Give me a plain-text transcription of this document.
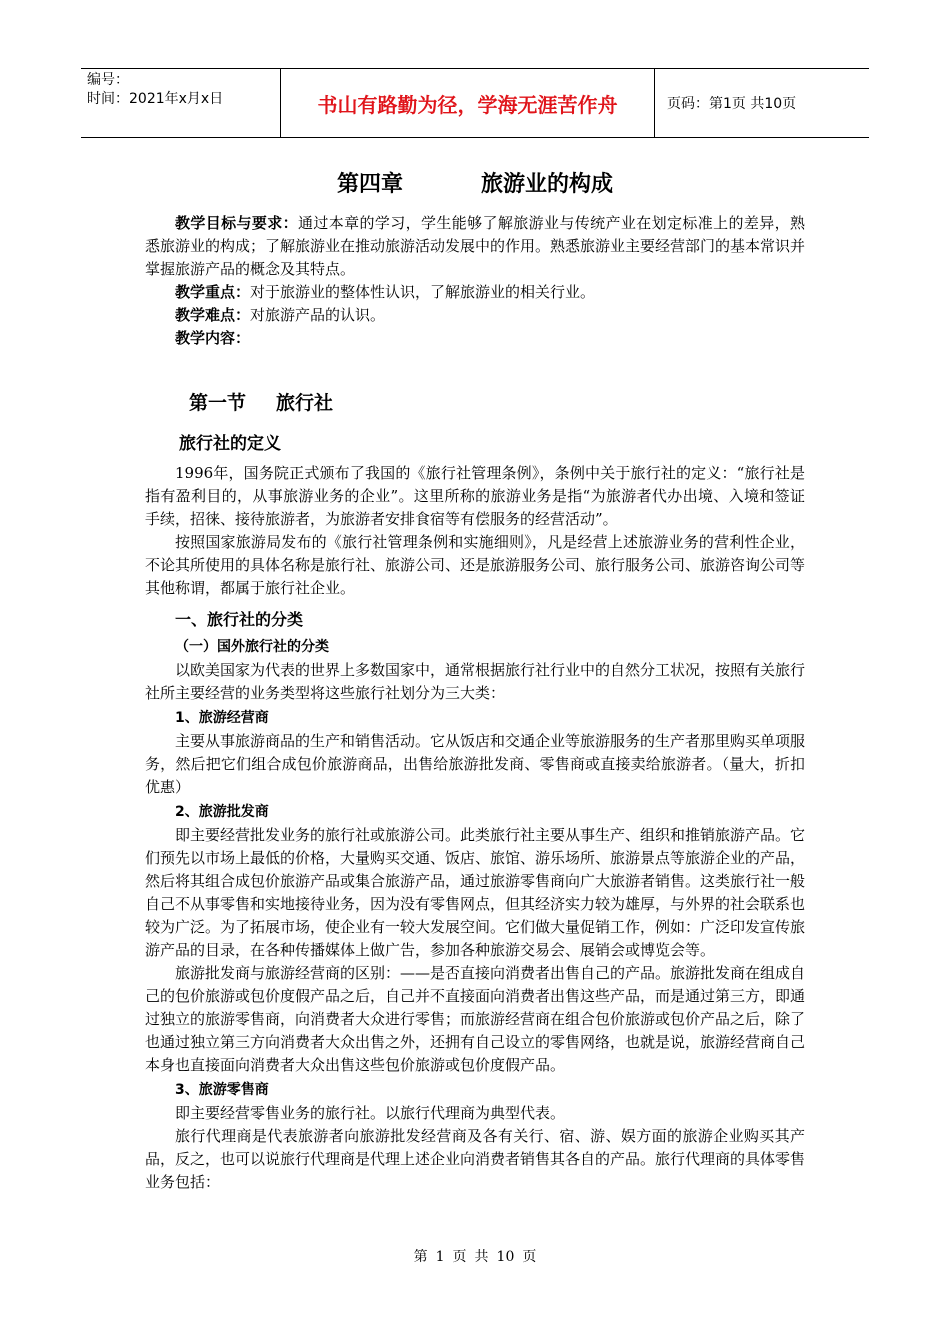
编号：
时间：2021年x月x日	书山有路勤为径，学海无涯苦作舟	页码：第1页 共10页
第四章	旅游业的构成

教学目标与要求：通过本章的学习，学生能够了解旅游业与传统产业在划定标准上的差异，熟悉旅游业的构成；了解旅游业在推动旅游活动发展中的作用。熟悉旅游业主要经营部门的基本常识并掌握旅游产品的概念及其特点。

教学重点：对于旅游业的整体性认识，了解旅游业的相关行业。

教学难点：对旅游产品的认识。

教学内容：

第一节 旅行社
旅行社的定义

1996年，国务院正式颁布了我国的《旅行社管理条例》，条例中关于旅行社的定义：“旅行社是指有盈利目的，从事旅游业务的企业”。这里所称的旅游业务是指“为旅游者代办出境、入境和签证手续，招徕、接待旅游者，为旅游者安排食宿等有偿服务的经营活动”。

按照国家旅游局发布的《旅行社管理条例和实施细则》，凡是经营上述旅游业务的营利性企业，不论其所使用的具体名称是旅行社、旅游公司、还是旅游服务公司、旅行服务公司、旅游咨询公司等其他称谓，都属于旅行社企业。

一、旅行社的分类
（一）国外旅行社的分类

以欧美国家为代表的世界上多数国家中，通常根据旅行社行业中的自然分工状况，按照有关旅行社所主要经营的业务类型将这些旅行社划分为三大类：

1、旅游经营商

主要从事旅游商品的生产和销售活动。它从饭店和交通企业等旅游服务的生产者那里购买单项服务，然后把它们组合成包价旅游商品，出售给旅游批发商、零售商或直接卖给旅游者。（量大，折扣优惠）

2、旅游批发商

即主要经营批发业务的旅行社或旅游公司。此类旅行社主要从事生产、组织和推销旅游产品。它们预先以市场上最低的价格，大量购买交通、饭店、旅馆、游乐场所、旅游景点等旅游企业的产品，然后将其组合成包价旅游产品或集合旅游产品，通过旅游零售商向广大旅游者销售。这类旅行社一般自己不从事零售和实地接待业务，因为没有零售网点，但其经济实力较为雄厚，与外界的社会联系也较为广泛。为了拓展市场，使企业有一较大发展空间。它们做大量促销工作，例如：广泛印发宣传旅游产品的目录，在各种传播媒体上做广告，参加各种旅游交易会、展销会或博览会等。

旅游批发商与旅游经营商的区别：——是否直接向消费者出售自己的产品。旅游批发商在组成自己的包价旅游或包价度假产品之后，自己并不直接面向消费者出售这些产品，而是通过第三方，即通过独立的旅游零售商，向消费者大众进行零售；而旅游经营商在组合包价旅游或包价产品之后，除了也通过独立第三方向消费者大众出售之外，还拥有自己设立的零售网络，也就是说，旅游经营商自己本身也直接面向消费者大众出售这些包价旅游或包价度假产品。

3、旅游零售商

即主要经营零售业务的旅行社。以旅行代理商为典型代表。

旅行代理商是代表旅游者向旅游批发经营商及各有关行、宿、游、娱方面的旅游企业购买其产品，反之，也可以说旅行代理商是代理上述企业向消费者销售其各自的产品。旅行代理商的具体零售业务包括：

第 1 页 共 10 页
